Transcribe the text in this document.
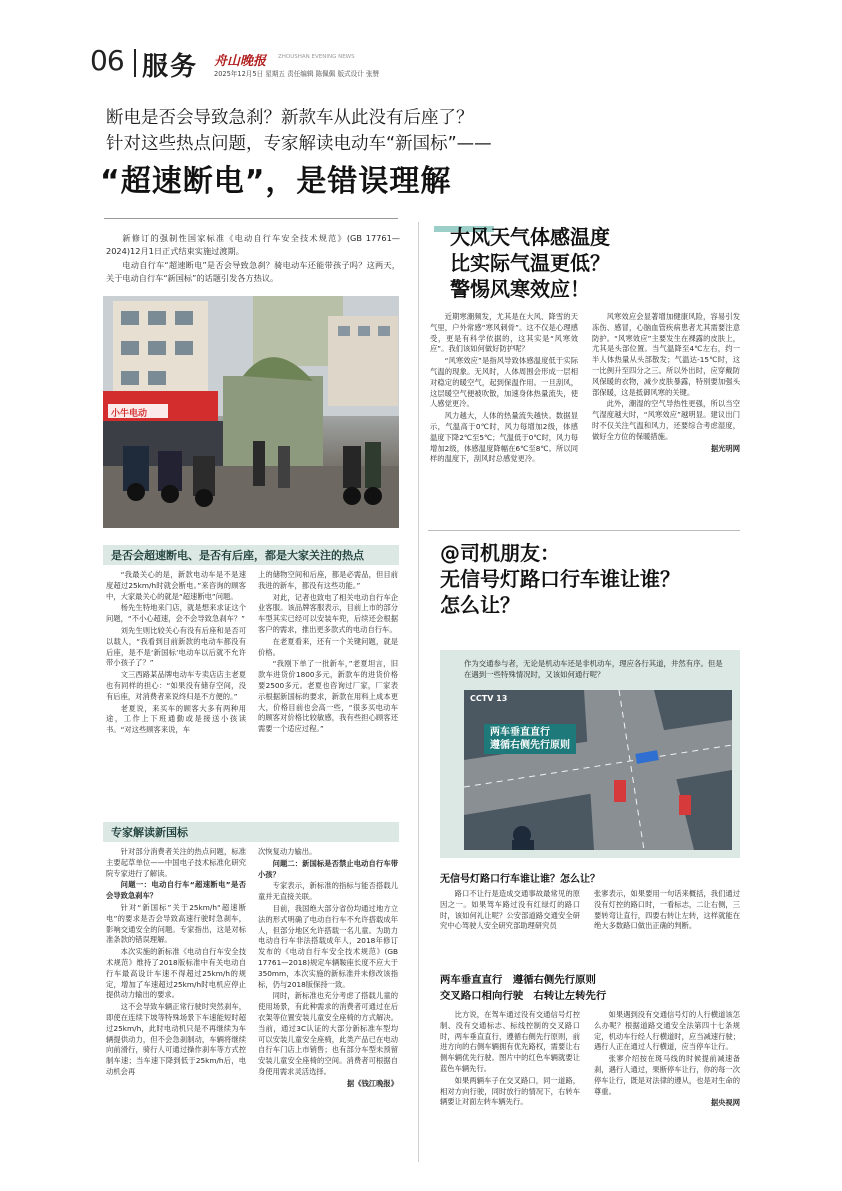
06 服务 舟山晚报 ZHOUSHAN EVENING NEWS
2025年12月5日 星期五 责任编辑 陈佩佩 版式设计 张赞
断电是否会导致急刹？新款车从此没有后座了？
针对这些热点问题，专家解读电动车“新国标”——
“超速断电”，是错误理解

新修订的强制性国家标准《电动自行车安全技术规范》(GB 17761—2024)12月1日正式结束实施过渡期。

电动自行车“超速断电”是否会导致急刹？骑电动车还能带孩子吗？这两天，关于电动自行车“新国标”的话题引发各方热议。

小牛电动
是否会超速断电、是否有后座，都是大家关注的热点

“我最关心的是，新款电动车是不是速度超过25km/h时就会断电。”来咨询的顾客中，大家最关心的就是“超速断电”问题。

杨先生特地来门店，就是想来求证这个问题，“不小心超速，会不会导致急刹车？”

刘先生则比较关心有没有后座和是否可以载人，“我看到目前新款的电动车都没有后座，是不是‘新国标’电动车以后就不允许带小孩子了？”

文三西路某品牌电动车专卖店店主老夏也有同样的担心：“如果没有储存空间，没有后座，对消费者来说终归是不方便的。”

老夏说，来买车的顾客大多有两种用途，工作上下班通勤或是接送小孩读书。“对这些顾客来说，车

上的储物空间和后座，都是必需品，但目前我进的新车，都没有这些功能。”

对此，记者也致电了相关电动自行车企业客服。该品牌客服表示，目前上市的部分车型其实已经可以安装车兜，后续还会根据客户的需求，推出更多款式的电动自行车。

在老夏看来，还有一个关键问题，就是价格。

“我刚下单了一批新车，”老夏坦言，旧款车进货价1800多元，新款车的进货价格要2500多元。老夏也咨询过厂家，厂家表示根据新国标的要求，新款在用料上成本更大，价格目前也会高一些，“很多买电动车的顾客对价格比较敏感，我有些担心顾客还需要一个适应过程。”

专家解读新国标

针对部分消费者关注的热点问题，标准主要起草单位——中国电子技术标准化研究院专家进行了解读。

问题一：电动自行车“超速断电”是否会导致急刹车？

针对“新国标”关于25km/h“超速断电”的要求是否会导致高速行驶时急刹车，影响交通安全的问题。专家指出，这是对标准条款的错误理解。

本次实施的新标准《电动自行车安全技术规范》维持了2018版标准中有关电动自行车最高设计车速不得超过25km/h的规定，增加了车速超过25km/h时电机应停止提供动力输出的要求。

这不会导致车辆正常行驶时突然刹车，即使在连续下坡等特殊场景下车速能短时超过25km/h，此时电动机只是不再继续为车辆提供动力，但不会急刹制动，车辆将继续向前滑行，骑行人可通过操作刹车等方式控制车速；当车速下降到低于25km/h后，电动机会再

次恢复动力输出。

问题二：新国标是否禁止电动自行车带小孩？

专家表示，新标准的指标与能否搭载儿童并无直接关联。

目前，我国绝大部分省份均通过地方立法的形式明确了电动自行车不允许搭载成年人，但部分地区允许搭载一名儿童。为助力电动自行车非法搭载成年人，2018年修订发布的《电动自行车安全技术规范》(GB 17761—2018)规定车辆鞍座长度不应大于350mm，本次实施的新标准并未修改该指标，仍与2018版保持一致。

同时，新标准也充分考虑了搭载儿童的使用场景，有此种需求的消费者可通过在后衣架等位置安装儿童安全座椅的方式解决。当前，通过3C认证的大部分新标准车型均可以安装儿童安全座椅，此类产品已在电动自行车门店上市销售；也有部分车型未预留安装儿童安全座椅的空间。消费者可根据自身使用需求灵活选择。

据《钱江晚报》

大风天气体感温度
比实际气温更低？
警惕风寒效应！

近期寒潮频发，尤其是在大风、降雪的天气里，户外常感“寒风刺骨”。这不仅是心理感受，更是有科学依据的，这其实是“风寒效应”。我们该如何做好防护呢？

“风寒效应”是指风导致体感温度低于实际气温的现象。无风时，人体周围会形成一层相对稳定的暖空气，起到保温作用。一旦刮风，这层暖空气便被吹散，加速身体热量流失，使人感觉更冷。

风力越大，人体的热量流失越快。数据显示，气温高于0℃时，风力每增加2级，体感温度下降2℃至5℃；气温低于0℃时，风力每增加2级，体感温度降幅在6℃至8℃。所以同样的温度下，刮风时总感觉更冷。

风寒效应会显著增加健康风险，容易引发冻伤、感冒，心脑血管疾病患者尤其需要注意防护。“风寒效应”主要发生在裸露的皮肤上，尤其是头部位置。当气温降至4℃左右，约一半人体热量从头部散发；气温达-15℃时，这一比例升至四分之三。所以外出时，应穿戴防风保暖的衣物，减少皮肤暴露，特别要加强头部保暖，这是抵御风寒的关键。

此外，潮湿的空气导热性更强，所以当空气湿度越大时，“风寒效应”越明显。建议出门时不仅关注气温和风力，还要综合考虑湿度，做好全方位的保暖措施。

据光明网

@司机朋友：
无信号灯路口行车谁让谁？
怎么让？
作为交通参与者，无论是机动车还是非机动车，理应各行其道，井然有序。但是在遇到一些特殊情况时，又该如何通行呢？
CCTV 13
两车垂直直行
遵循右侧先行原则
无信号灯路口行车谁让谁？怎么让？

路口不让行是造成交通事故最常见的原因之一。如果驾车路过没有红绿灯的路口时，该如何礼让呢？公安部道路交通安全研究中心驾驶人安全研究部助理研究员

张寥表示，如果要用一句话来概括，我们通过没有灯控的路口时，一看标志，二让右侧，三要转弯让直行，四要右转让左转，这样就能在绝大多数路口做出正确的判断。

两车垂直直行　遵循右侧先行原则
交叉路口相向行驶　右转让左转先行

比方说，在驾车通过没有交通信号灯控制、没有交通标志、标线控制的交叉路口时，两车垂直直行，遵循右侧先行原则，前进方向的右侧车辆拥有优先路权，需要让右侧车辆优先行驶。图片中的红色车辆就要让蓝色车辆先行。

如果两辆车子在交叉路口，同一道路，相对方向行驶，同时放行的情况下，右转车辆要让对面左转车辆先行。

如果遇到没有交通信号灯的人行横道该怎么办呢？根据道路交通安全法第四十七条规定，机动车行经人行横道时，应当减速行驶；遇行人正在通过人行横道，应当停车让行。

张寥介绍按在斑马线的时候提前减速备刹，遇行人通过，果断停车让行，你的每一次停车让行，既是对法律的遵从，也是对生命的尊重。

据央视网
